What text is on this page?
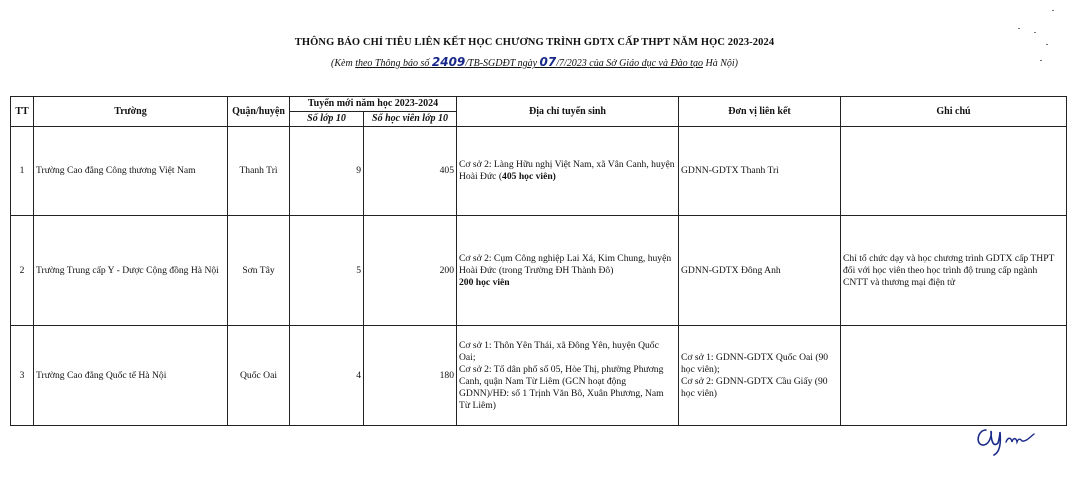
THÔNG BÁO CHỈ TIÊU LIÊN KẾT HỌC CHƯƠNG TRÌNH GDTX CẤP THPT NĂM HỌC 2023-2024
(Kèm theo Thông báo số 2409/TB-SGDĐT ngày 07/7/2023 của Sở Giáo dục và Đào tạo Hà Nội)
TT	Trường	Quận/huyện	Tuyển mới năm học 2023-2024		Địa chỉ tuyển sinh	Đơn vị liên kết	Ghi chú
			Số lớp 10	Số học viên lớp 10			
1	Trường Cao đẳng Công thương Việt Nam	Thanh Trì	9	405	Cơ sở 2: Làng Hữu nghị Việt Nam, xã Vân Canh, huyện Hoài Đức (405 học viên)	GDNN-GDTX Thanh Trì	
2	Trường Trung cấp Y - Dược Cộng đồng Hà Nội	Sơn Tây	5	200	Cơ sở 2: Cụm Công nghiệp Lai Xá, Kim Chung, huyện Hoài Đức (trong Trường ĐH Thành Đô)
200 học viên	GDNN-GDTX Đông Anh	Chỉ tổ chức dạy và học chương trình GDTX cấp THPT đối với học viên theo học trình độ trung cấp ngành CNTT và thương mại điện tử
3	Trường Cao đẳng Quốc tế Hà Nội	Quốc Oai	4	180	Cơ sở 1: Thôn Yên Thái, xã Đông Yên, huyện Quốc Oai;
Cơ sở 2: Tổ dân phố số 05, Hòe Thị, phường Phương Canh, quận Nam Từ Liêm (GCN hoạt động GDNN)/HĐ: số 1 Trịnh Văn Bô, Xuân Phương, Nam Từ Liêm)	Cơ sở 1: GDNN-GDTX Quốc Oai (90 học viên);
Cơ sở 2: GDNN-GDTX Cầu Giấy (90 học viên)	
